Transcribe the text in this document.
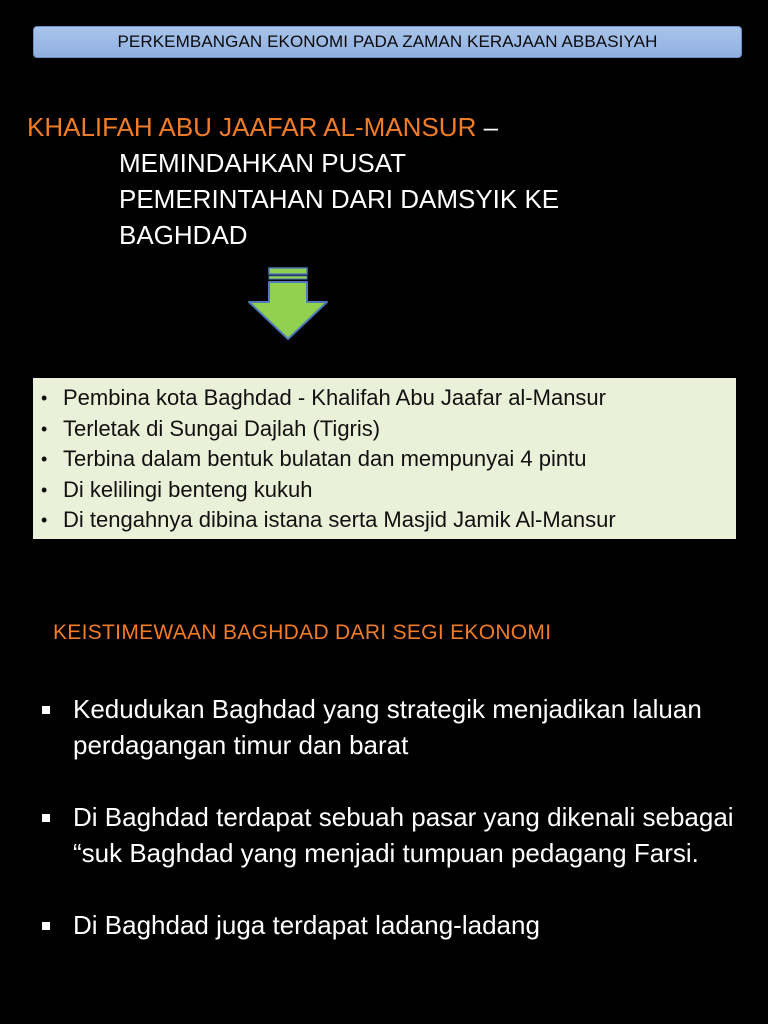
PERKEMBANGAN EKONOMI PADA ZAMAN KERAJAAN ABBASIYAH
KHALIFAH ABU JAAFAR AL-MANSUR –
MEMINDAHKAN PUSAT
PEMERINTAHAN DARI DAMSYIK KE
BAGHDAD
• Pembina kota Baghdad - Khalifah Abu Jaafar al-Mansur
• Terletak di Sungai Dajlah (Tigris)
• Terbina dalam bentuk bulatan dan mempunyai 4 pintu
• Di kelilingi benteng kukuh
• Di tengahnya dibina istana serta Masjid Jamik Al-Mansur
KEISTIMEWAAN BAGHDAD DARI SEGI EKONOMI
Kedudukan Baghdad yang strategik menjadikan laluan perdagangan timur dan barat
Di Baghdad terdapat sebuah pasar yang dikenali sebagai “suk Baghdad yang menjadi tumpuan pedagang Farsi.
Di Baghdad juga terdapat ladang-ladang
